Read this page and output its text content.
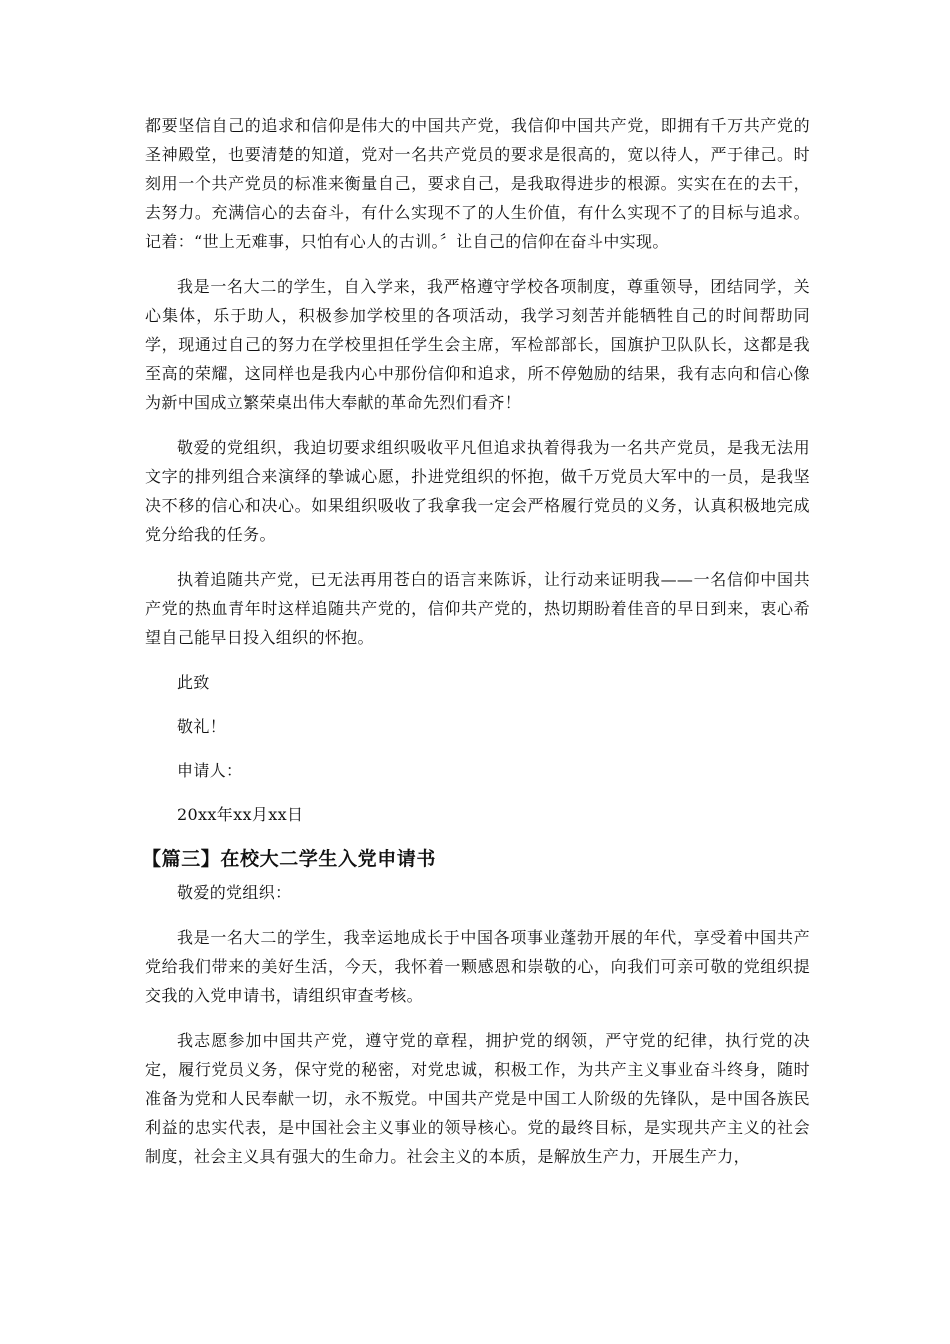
都要坚信自己的追求和信仰是伟大的中国共产党，我信仰中国共产党，即拥有千万共产党的圣神殿堂，也要清楚的知道，党对一名共产党员的要求是很高的，宽以待人，严于律己。时刻用一个共产党员的标准来衡量自己，要求自己，是我取得进步的根源。实实在在的去干，去努力。充满信心的去奋斗，有什么实现不了的人生价值，有什么实现不了的目标与追求。记着：“世上无难事，只怕有心人的古训。〞让自己的信仰在奋斗中实现。

我是一名大二的学生，自入学来，我严格遵守学校各项制度，尊重领导，团结同学，关心集体，乐于助人，积极参加学校里的各项活动，我学习刻苦并能牺牲自己的时间帮助同学，现通过自己的努力在学校里担任学生会主席，军检部部长，国旗护卫队队长，这都是我至高的荣耀，这同样也是我内心中那份信仰和追求，所不停勉励的结果，我有志向和信心像为新中国成立繁荣桌出伟大奉献的革命先烈们看齐！

敬爱的党组织，我迫切要求组织吸收平凡但追求执着得我为一名共产党员，是我无法用文字的排列组合来演绎的挚诚心愿，扑进党组织的怀抱，做千万党员大军中的一员，是我坚决不移的信心和决心。如果组织吸收了我拿我一定会严格履行党员的义务，认真积极地完成党分给我的任务。

执着追随共产党，已无法再用苍白的语言来陈诉，让行动来证明我——一名信仰中国共产党的热血青年时这样追随共产党的，信仰共产党的，热切期盼着佳音的早日到来，衷心希望自己能早日投入组织的怀抱。

此致
敬礼！
申请人：
20xx年xx月xx日
【篇三】在校大二学生入党申请书
敬爱的党组织：

我是一名大二的学生，我幸运地成长于中国各项事业蓬勃开展的年代，享受着中国共产党给我们带来的美好生活，今天，我怀着一颗感恩和崇敬的心，向我们可亲可敬的党组织提交我的入党申请书，请组织审查考核。

我志愿参加中国共产党，遵守党的章程，拥护党的纲领，严守党的纪律，执行党的决定，履行党员义务，保守党的秘密，对党忠诚，积极工作，为共产主义事业奋斗终身，随时准备为党和人民奉献一切，永不叛党。中国共产党是中国工人阶级的先锋队，是中国各族民利益的忠实代表，是中国社会主义事业的领导核心。党的最终目标，是实现共产主义的社会制度，社会主义具有强大的生命力。社会主义的本质，是解放生产力，开展生产力，
